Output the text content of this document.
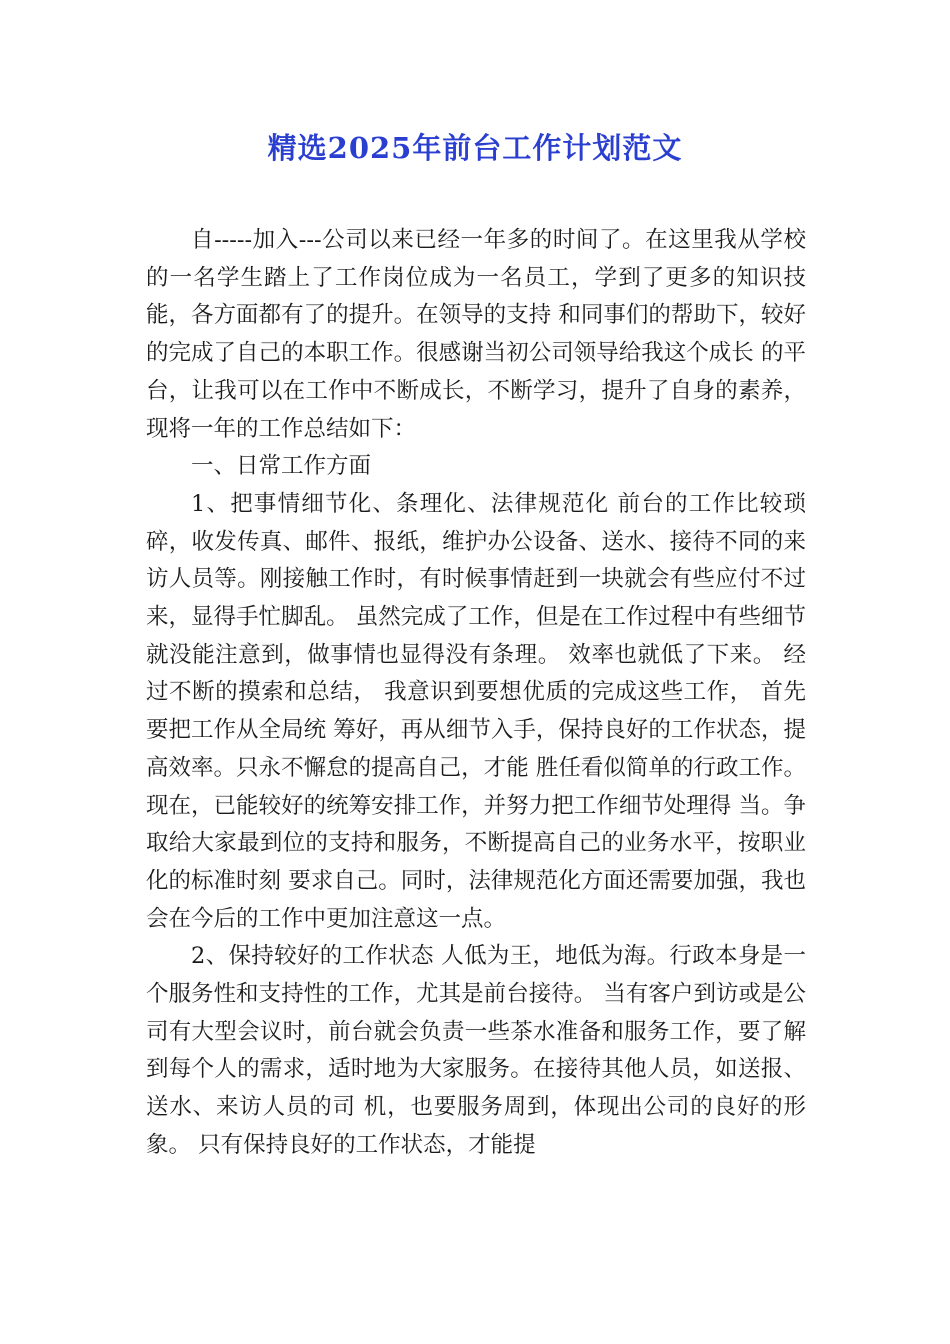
精选2025年前台工作计划范文

自-----加入---公司以来已经一年多的时间了。在这里我从学校的一名学生踏上了工作岗位成为一名员工，学到了更多的知识技能，各方面都有了的提升。在领导的支持 和同事们的帮助下，较好的完成了自己的本职工作。很感谢当初公司领导给我这个成长 的平台，让我可以在工作中不断成长，不断学习，提升了自身的素养，现将一年的工作总结如下：

一、日常工作方面

1、把事情细节化、条理化、法律规范化 前台的工作比较琐碎，收发传真、邮件、报纸，维护办公设备、送水、接待不同的来 访人员等。刚接触工作时，有时候事情赶到一块就会有些应付不过来，显得手忙脚乱。 虽然完成了工作，但是在工作过程中有些细节就没能注意到，做事情也显得没有条理。 效率也就低了下来。 经过不断的摸索和总结， 我意识到要想优质的完成这些工作， 首先要把工作从全局统 筹好，再从细节入手，保持良好的工作状态，提高效率。只永不懈怠的提高自己，才能 胜任看似简单的行政工作。现在，已能较好的统筹安排工作，并努力把工作细节处理得 当。争取给大家最到位的支持和服务，不断提高自己的业务水平，按职业化的标准时刻 要求自己。同时，法律规范化方面还需要加强，我也会在今后的工作中更加注意这一点。

2、保持较好的工作状态 人低为王，地低为海。行政本身是一个服务性和支持性的工作，尤其是前台接待。 当有客户到访或是公司有大型会议时，前台就会负责一些茶水准备和服务工作，要了解 到每个人的需求，适时地为大家服务。在接待其他人员，如送报、送水、来访人员的司 机，也要服务周到，体现出公司的良好的形象。 只有保持良好的工作状态，才能提
